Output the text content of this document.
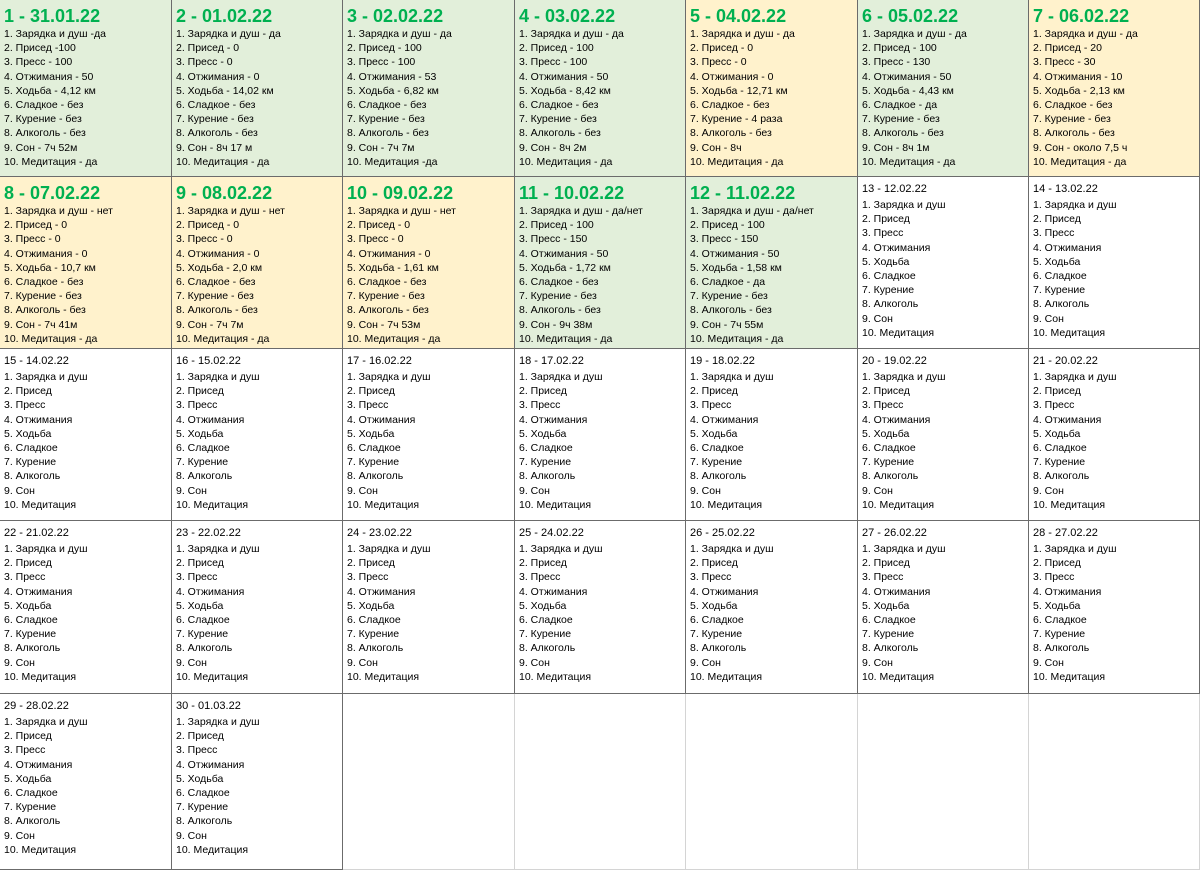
1 - 31.01.22
1. Зарядка и душ -да
2. Присед -100
3. Пресс - 100
4. Отжимания - 50
5. Ходьба - 4,12 км
6. Сладкое - без
7. Курение - без
8. Алкоголь - без
9. Сон - 7ч 52м
10. Медитация - да
2 - 01.02.22
1. Зарядка и душ - да
2. Присед - 0
3. Пресс - 0
4. Отжимания - 0
5. Ходьба - 14,02 км
6. Сладкое - без
7. Курение - без
8. Алкоголь - без
9. Сон - 8ч 17 м
10. Медитация - да
3 - 02.02.22
1. Зарядка и душ - да
2. Присед - 100
3. Пресс - 100
4. Отжимания - 53
5. Ходьба - 6,82 км
6. Сладкое - без
7. Курение - без
8. Алкоголь - без
9. Сон - 7ч 7м
10. Медитация -да
4 - 03.02.22
1. Зарядка и душ - да
2. Присед - 100
3. Пресс - 100
4. Отжимания - 50
5. Ходьба - 8,42 км
6. Сладкое - без
7. Курение - без
8. Алкоголь - без
9. Сон - 8ч 2м
10. Медитация - да
5 - 04.02.22
1. Зарядка и душ - да
2. Присед - 0
3. Пресс - 0
4. Отжимания - 0
5. Ходьба - 12,71 км
6. Сладкое - без
7. Курение - 4 раза
8. Алкоголь - без
9. Сон - 8ч
10. Медитация - да
6 - 05.02.22
1. Зарядка и душ - да
2. Присед - 100
3. Пресс - 130
4. Отжимания - 50
5. Ходьба - 4,43 км
6. Сладкое - да
7. Курение - без
8. Алкоголь - без
9. Сон - 8ч 1м
10. Медитация - да
7 - 06.02.22
1. Зарядка и душ - да
2. Присед - 20
3. Пресс - 30
4. Отжимания - 10
5. Ходьба - 2,13 км
6. Сладкое - без
7. Курение - без
8. Алкоголь - без
9. Сон - около 7,5 ч
10. Медитация - да
8 - 07.02.22
1. Зарядка и душ - нет
2. Присед - 0
3. Пресс - 0
4. Отжимания - 0
5. Ходьба - 10,7 км
6. Сладкое - без
7. Курение - без
8. Алкоголь - без
9. Сон - 7ч 41м
10. Медитация - да
9 - 08.02.22
1. Зарядка и душ - нет
2. Присед - 0
3. Пресс - 0
4. Отжимания - 0
5. Ходьба - 2,0 км
6. Сладкое - без
7. Курение - без
8. Алкоголь - без
9. Сон - 7ч 7м
10. Медитация - да
10 - 09.02.22
1. Зарядка и душ - нет
2. Присед - 0
3. Пресс - 0
4. Отжимания - 0
5. Ходьба - 1,61 км
6. Сладкое - без
7. Курение - без
8. Алкоголь - без
9. Сон - 7ч 53м
10. Медитация - да
11 - 10.02.22
1. Зарядка и душ - да/нет
2. Присед - 100
3. Пресс - 150
4. Отжимания - 50
5. Ходьба - 1,72 км
6. Сладкое - без
7. Курение - без
8. Алкоголь - без
9. Сон - 9ч 38м
10. Медитация - да
12 - 11.02.22
1. Зарядка и душ - да/нет
2. Присед - 100
3. Пресс - 150
4. Отжимания - 50
5. Ходьба - 1,58 км
6. Сладкое - да
7. Курение - без
8. Алкоголь - без
9. Сон - 7ч 55м
10. Медитация - да
13 - 12.02.22
1. Зарядка и душ
2. Присед
3. Пресс
4. Отжимания
5. Ходьба
6. Сладкое
7. Курение
8. Алкоголь
9. Сон
10. Медитация
14 - 13.02.22
1. Зарядка и душ
2. Присед
3. Пресс
4. Отжимания
5. Ходьба
6. Сладкое
7. Курение
8. Алкоголь
9. Сон
10. Медитация
15 - 14.02.22
1. Зарядка и душ
2. Присед
3. Пресс
4. Отжимания
5. Ходьба
6. Сладкое
7. Курение
8. Алкоголь
9. Сон
10. Медитация
16 - 15.02.22
1. Зарядка и душ
2. Присед
3. Пресс
4. Отжимания
5. Ходьба
6. Сладкое
7. Курение
8. Алкоголь
9. Сон
10. Медитация
17 - 16.02.22
1. Зарядка и душ
2. Присед
3. Пресс
4. Отжимания
5. Ходьба
6. Сладкое
7. Курение
8. Алкоголь
9. Сон
10. Медитация
18 - 17.02.22
1. Зарядка и душ
2. Присед
3. Пресс
4. Отжимания
5. Ходьба
6. Сладкое
7. Курение
8. Алкоголь
9. Сон
10. Медитация
19 - 18.02.22
1. Зарядка и душ
2. Присед
3. Пресс
4. Отжимания
5. Ходьба
6. Сладкое
7. Курение
8. Алкоголь
9. Сон
10. Медитация
20 - 19.02.22
1. Зарядка и душ
2. Присед
3. Пресс
4. Отжимания
5. Ходьба
6. Сладкое
7. Курение
8. Алкоголь
9. Сон
10. Медитация
21 - 20.02.22
1. Зарядка и душ
2. Присед
3. Пресс
4. Отжимания
5. Ходьба
6. Сладкое
7. Курение
8. Алкоголь
9. Сон
10. Медитация
22 - 21.02.22
1. Зарядка и душ
2. Присед
3. Пресс
4. Отжимания
5. Ходьба
6. Сладкое
7. Курение
8. Алкоголь
9. Сон
10. Медитация
23 - 22.02.22
1. Зарядка и душ
2. Присед
3. Пресс
4. Отжимания
5. Ходьба
6. Сладкое
7. Курение
8. Алкоголь
9. Сон
10. Медитация
24 - 23.02.22
1. Зарядка и душ
2. Присед
3. Пресс
4. Отжимания
5. Ходьба
6. Сладкое
7. Курение
8. Алкоголь
9. Сон
10. Медитация
25 - 24.02.22
1. Зарядка и душ
2. Присед
3. Пресс
4. Отжимания
5. Ходьба
6. Сладкое
7. Курение
8. Алкоголь
9. Сон
10. Медитация
26 - 25.02.22
1. Зарядка и душ
2. Присед
3. Пресс
4. Отжимания
5. Ходьба
6. Сладкое
7. Курение
8. Алкоголь
9. Сон
10. Медитация
27 - 26.02.22
1. Зарядка и душ
2. Присед
3. Пресс
4. Отжимания
5. Ходьба
6. Сладкое
7. Курение
8. Алкоголь
9. Сон
10. Медитация
28 - 27.02.22
1. Зарядка и душ
2. Присед
3. Пресс
4. Отжимания
5. Ходьба
6. Сладкое
7. Курение
8. Алкоголь
9. Сон
10. Медитация
29 - 28.02.22
1. Зарядка и душ
2. Присед
3. Пресс
4. Отжимания
5. Ходьба
6. Сладкое
7. Курение
8. Алкоголь
9. Сон
10. Медитация
30 - 01.03.22
1. Зарядка и душ
2. Присед
3. Пресс
4. Отжимания
5. Ходьба
6. Сладкое
7. Курение
8. Алкоголь
9. Сон
10. Медитация
